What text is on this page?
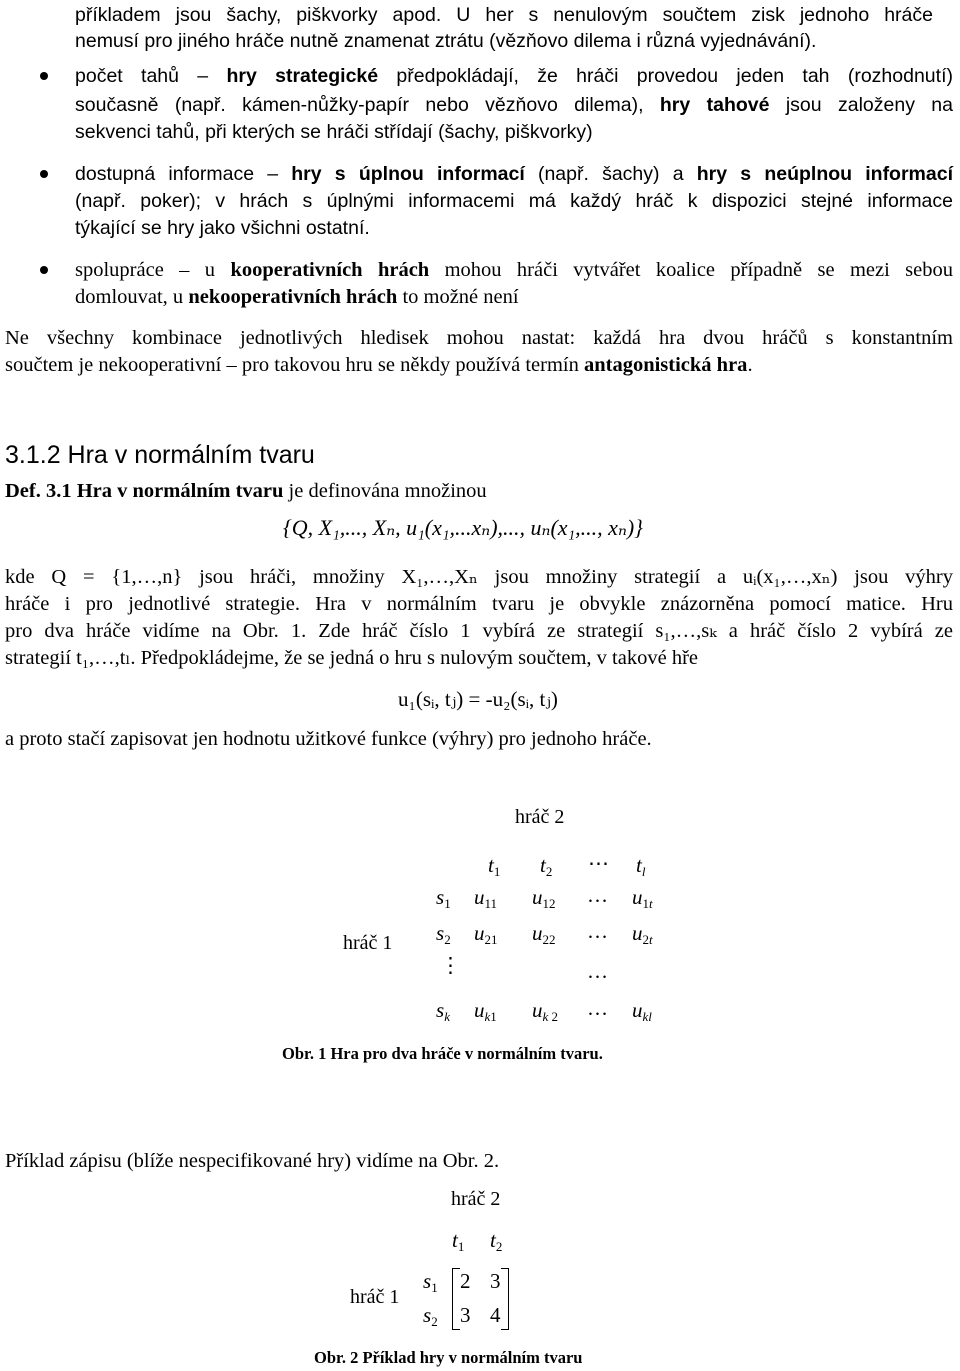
příkladem jsou šachy, piškvorky apod. U her s nenulovým součtem zisk jednoho hráče
nemusí pro jiného hráče nutně znamenat ztrátu (vězňovo dilema i různá vyjednávání).
počet tahů – hry strategické předpokládají, že hráči provedou jeden tah (rozhodnutí)
současně (např. kámen-nůžky-papír nebo vězňovo dilema), hry tahové jsou založeny na
sekvenci tahů, při kterých se hráči střídají (šachy, piškvorky)
dostupná informace – hry s úplnou informací (např. šachy) a hry s neúplnou informací
(např. poker); v hrách s úplnými informacemi má každý hráč k dispozici stejné informace
týkající se hry jako všichni ostatní.
spolupráce – u kooperativních hrách mohou hráči vytvářet koalice případně se mezi sebou
domlouvat, u nekooperativních hrách to možné není
Ne všechny kombinace jednotlivých hledisek mohou nastat: každá hra dvou hráčů s konstantním
součtem je nekooperativní – pro takovou hru se někdy používá termín antagonistická hra.
3.1.2 Hra v normálním tvaru
Def. 3.1 Hra v normálním tvaru je definována množinou
{Q, X₁,..., Xₙ, u₁(x₁,...xₙ),..., uₙ(x₁,..., xₙ)}
kde Q = {1,…,n} jsou hráči, množiny X₁,…,Xₙ jsou množiny strategií a uᵢ(x₁,…,xₙ) jsou výhry
hráče i pro jednotlivé strategie. Hra v normálním tvaru je obvykle znázorněna pomocí matice. Hru
pro dva hráče vidíme na Obr. 1. Zde hráč číslo 1 vybírá ze strategií s₁,…,sₖ a hráč číslo 2 vybírá ze
strategií t₁,…,tₗ. Předpokládejme, že se jedná o hru s nulovým součtem, v takové hře
u₁(sᵢ, tⱼ) = -u₂(sᵢ, tⱼ)
a proto stačí zapisovat jen hodnotu užitkové funkce (výhry) pro jednoho hráče.
hráč 2
hráč 1
$t_1$ $t_2$ ⋯ $t_l$
$s_1$ $u_{11}$ $u_{12}$ … $u_{1t}$
$s_2$ $u_{21}$ $u_{22}$ … $u_{2t}$
⋮	…
$s_k$ $u_{k1}$ $u_{k 2}$ … $u_{kl}$
Obr. 1 Hra pro dva hráče v normálním tvaru.
Příklad zápisu (blíže nespecifikované hry) vidíme na Obr. 2.
hráč 2
hráč 1
$t_1$ $t_2$
$s_1$
$s_2$
2 3
3 4
Obr. 2 Příklad hry v normálním tvaru
